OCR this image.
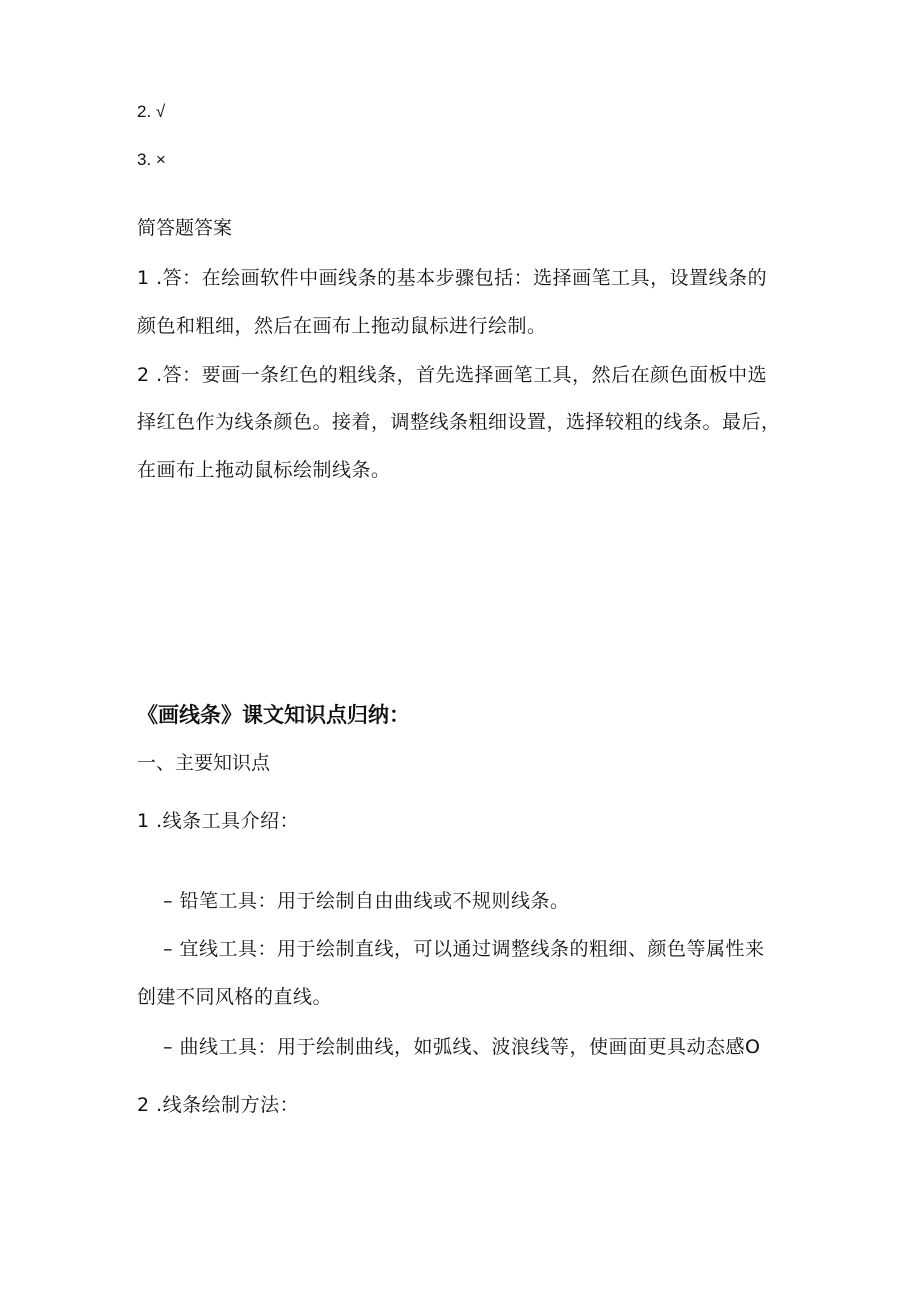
2. √
3. ×
简答题答案
1 .答：在绘画软件中画线条的基本步骤包括：选择画笔工具，设置线条的
颜色和粗细，然后在画布上拖动鼠标进行绘制。
2 .答：要画一条红色的粗线条，首先选择画笔工具，然后在颜色面板中选
择红色作为线条颜色。接着，调整线条粗细设置，选择较粗的线条。最后，
在画布上拖动鼠标绘制线条。
《画线条》课文知识点归纳：
一、主要知识点
1 .线条工具介绍：
– 铅笔工具：用于绘制自由曲线或不规则线条。
– 宜线工具：用于绘制直线，可以通过调整线条的粗细、颜色等属性来
创建不同风格的直线。
– 曲线工具：用于绘制曲线，如弧线、波浪线等，使画面更具动态感O
2 .线条绘制方法：
